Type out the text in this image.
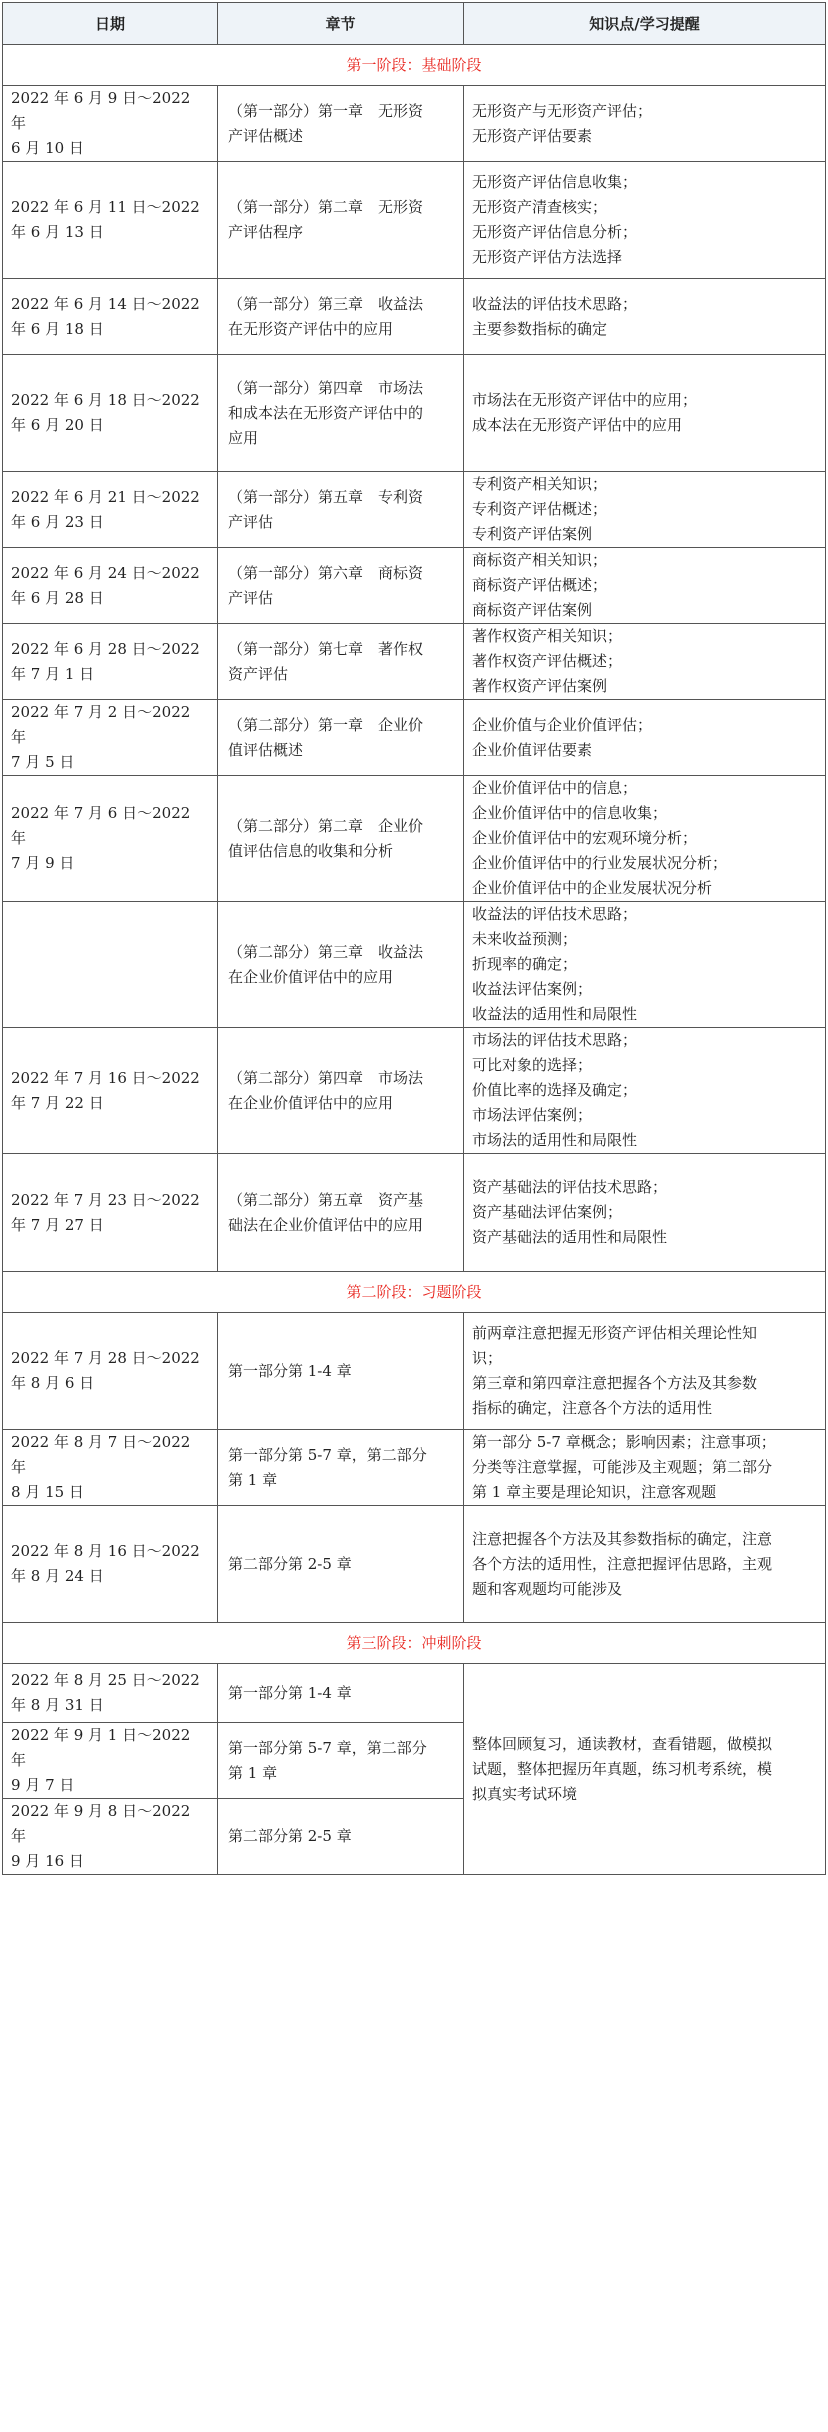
日期	章节	知识点/学习提醒
第一阶段：基础阶段		

2022 年 6 月 9 日～2022 年
6 月 10 日	（第一部分）第一章　无形资
产评估概述	无形资产与无形资产评估；
无形资产评估要素

2022 年 6 月 11 日～2022
年 6 月 13 日	（第一部分）第二章　无形资
产评估程序	无形资产评估信息收集；
无形资产清查核实；
无形资产评估信息分析；
无形资产评估方法选择

2022 年 6 月 14 日～2022
年 6 月 18 日	（第一部分）第三章　收益法
在无形资产评估中的应用	收益法的评估技术思路；
主要参数指标的确定

2022 年 6 月 18 日～2022
年 6 月 20 日	（第一部分）第四章　市场法
和成本法在无形资产评估中的
应用	市场法在无形资产评估中的应用；
成本法在无形资产评估中的应用

2022 年 6 月 21 日～2022
年 6 月 23 日	（第一部分）第五章　专利资
产评估	专利资产相关知识；
专利资产评估概述；
专利资产评估案例

2022 年 6 月 24 日～2022
年 6 月 28 日	（第一部分）第六章　商标资
产评估	商标资产相关知识；
商标资产评估概述；
商标资产评估案例

2022 年 6 月 28 日～2022
年 7 月 1 日	（第一部分）第七章　著作权
资产评估	著作权资产相关知识；
著作权资产评估概述；
著作权资产评估案例

2022 年 7 月 2 日～2022 年
7 月 5 日	（第二部分）第一章　企业价
值评估概述	企业价值与企业价值评估；
企业价值评估要素

2022 年 7 月 6 日～2022 年
7 月 9 日	（第二部分）第二章　企业价
值评估信息的收集和分析	企业价值评估中的信息；
企业价值评估中的信息收集；
企业价值评估中的宏观环境分析；
企业价值评估中的行业发展状况分析；
企业价值评估中的企业发展状况分析

	（第二部分）第三章　收益法
在企业价值评估中的应用	收益法的评估技术思路；
未来收益预测；
折现率的确定；
收益法评估案例；
收益法的适用性和局限性

2022 年 7 月 16 日～2022
年 7 月 22 日	（第二部分）第四章　市场法
在企业价值评估中的应用	市场法的评估技术思路；
可比对象的选择；
价值比率的选择及确定；
市场法评估案例；
市场法的适用性和局限性

2022 年 7 月 23 日～2022
年 7 月 27 日	（第二部分）第五章　资产基
础法在企业价值评估中的应用	资产基础法的评估技术思路；
资产基础法评估案例；
资产基础法的适用性和局限性

第二阶段：习题阶段		

2022 年 7 月 28 日～2022
年 8 月 6 日	第一部分第 1-4 章	前两章注意把握无形资产评估相关理论性知
识；
第三章和第四章注意把握各个方法及其参数
指标的确定，注意各个方法的适用性

2022 年 8 月 7 日～2022 年
8 月 15 日	第一部分第 5-7 章，第二部分
第 1 章	第一部分 5-7 章概念；影响因素；注意事项；
分类等注意掌握，可能涉及主观题；第二部分
第 1 章主要是理论知识，注意客观题

2022 年 8 月 16 日～2022
年 8 月 24 日	第二部分第 2-5 章	注意把握各个方法及其参数指标的确定，注意
各个方法的适用性，注意把握评估思路，主观
题和客观题均可能涉及

第三阶段：冲刺阶段		

2022 年 8 月 25 日～2022
年 8 月 31 日	第一部分第 1-4 章	整体回顾复习，通读教材，查看错题，做模拟
试题，整体把握历年真题，练习机考系统，模
拟真实考试环境

2022 年 9 月 1 日～2022 年
9 月 7 日	第一部分第 5-7 章，第二部分
第 1 章	

2022 年 9 月 8 日～2022 年
9 月 16 日	第二部分第 2-5 章	
